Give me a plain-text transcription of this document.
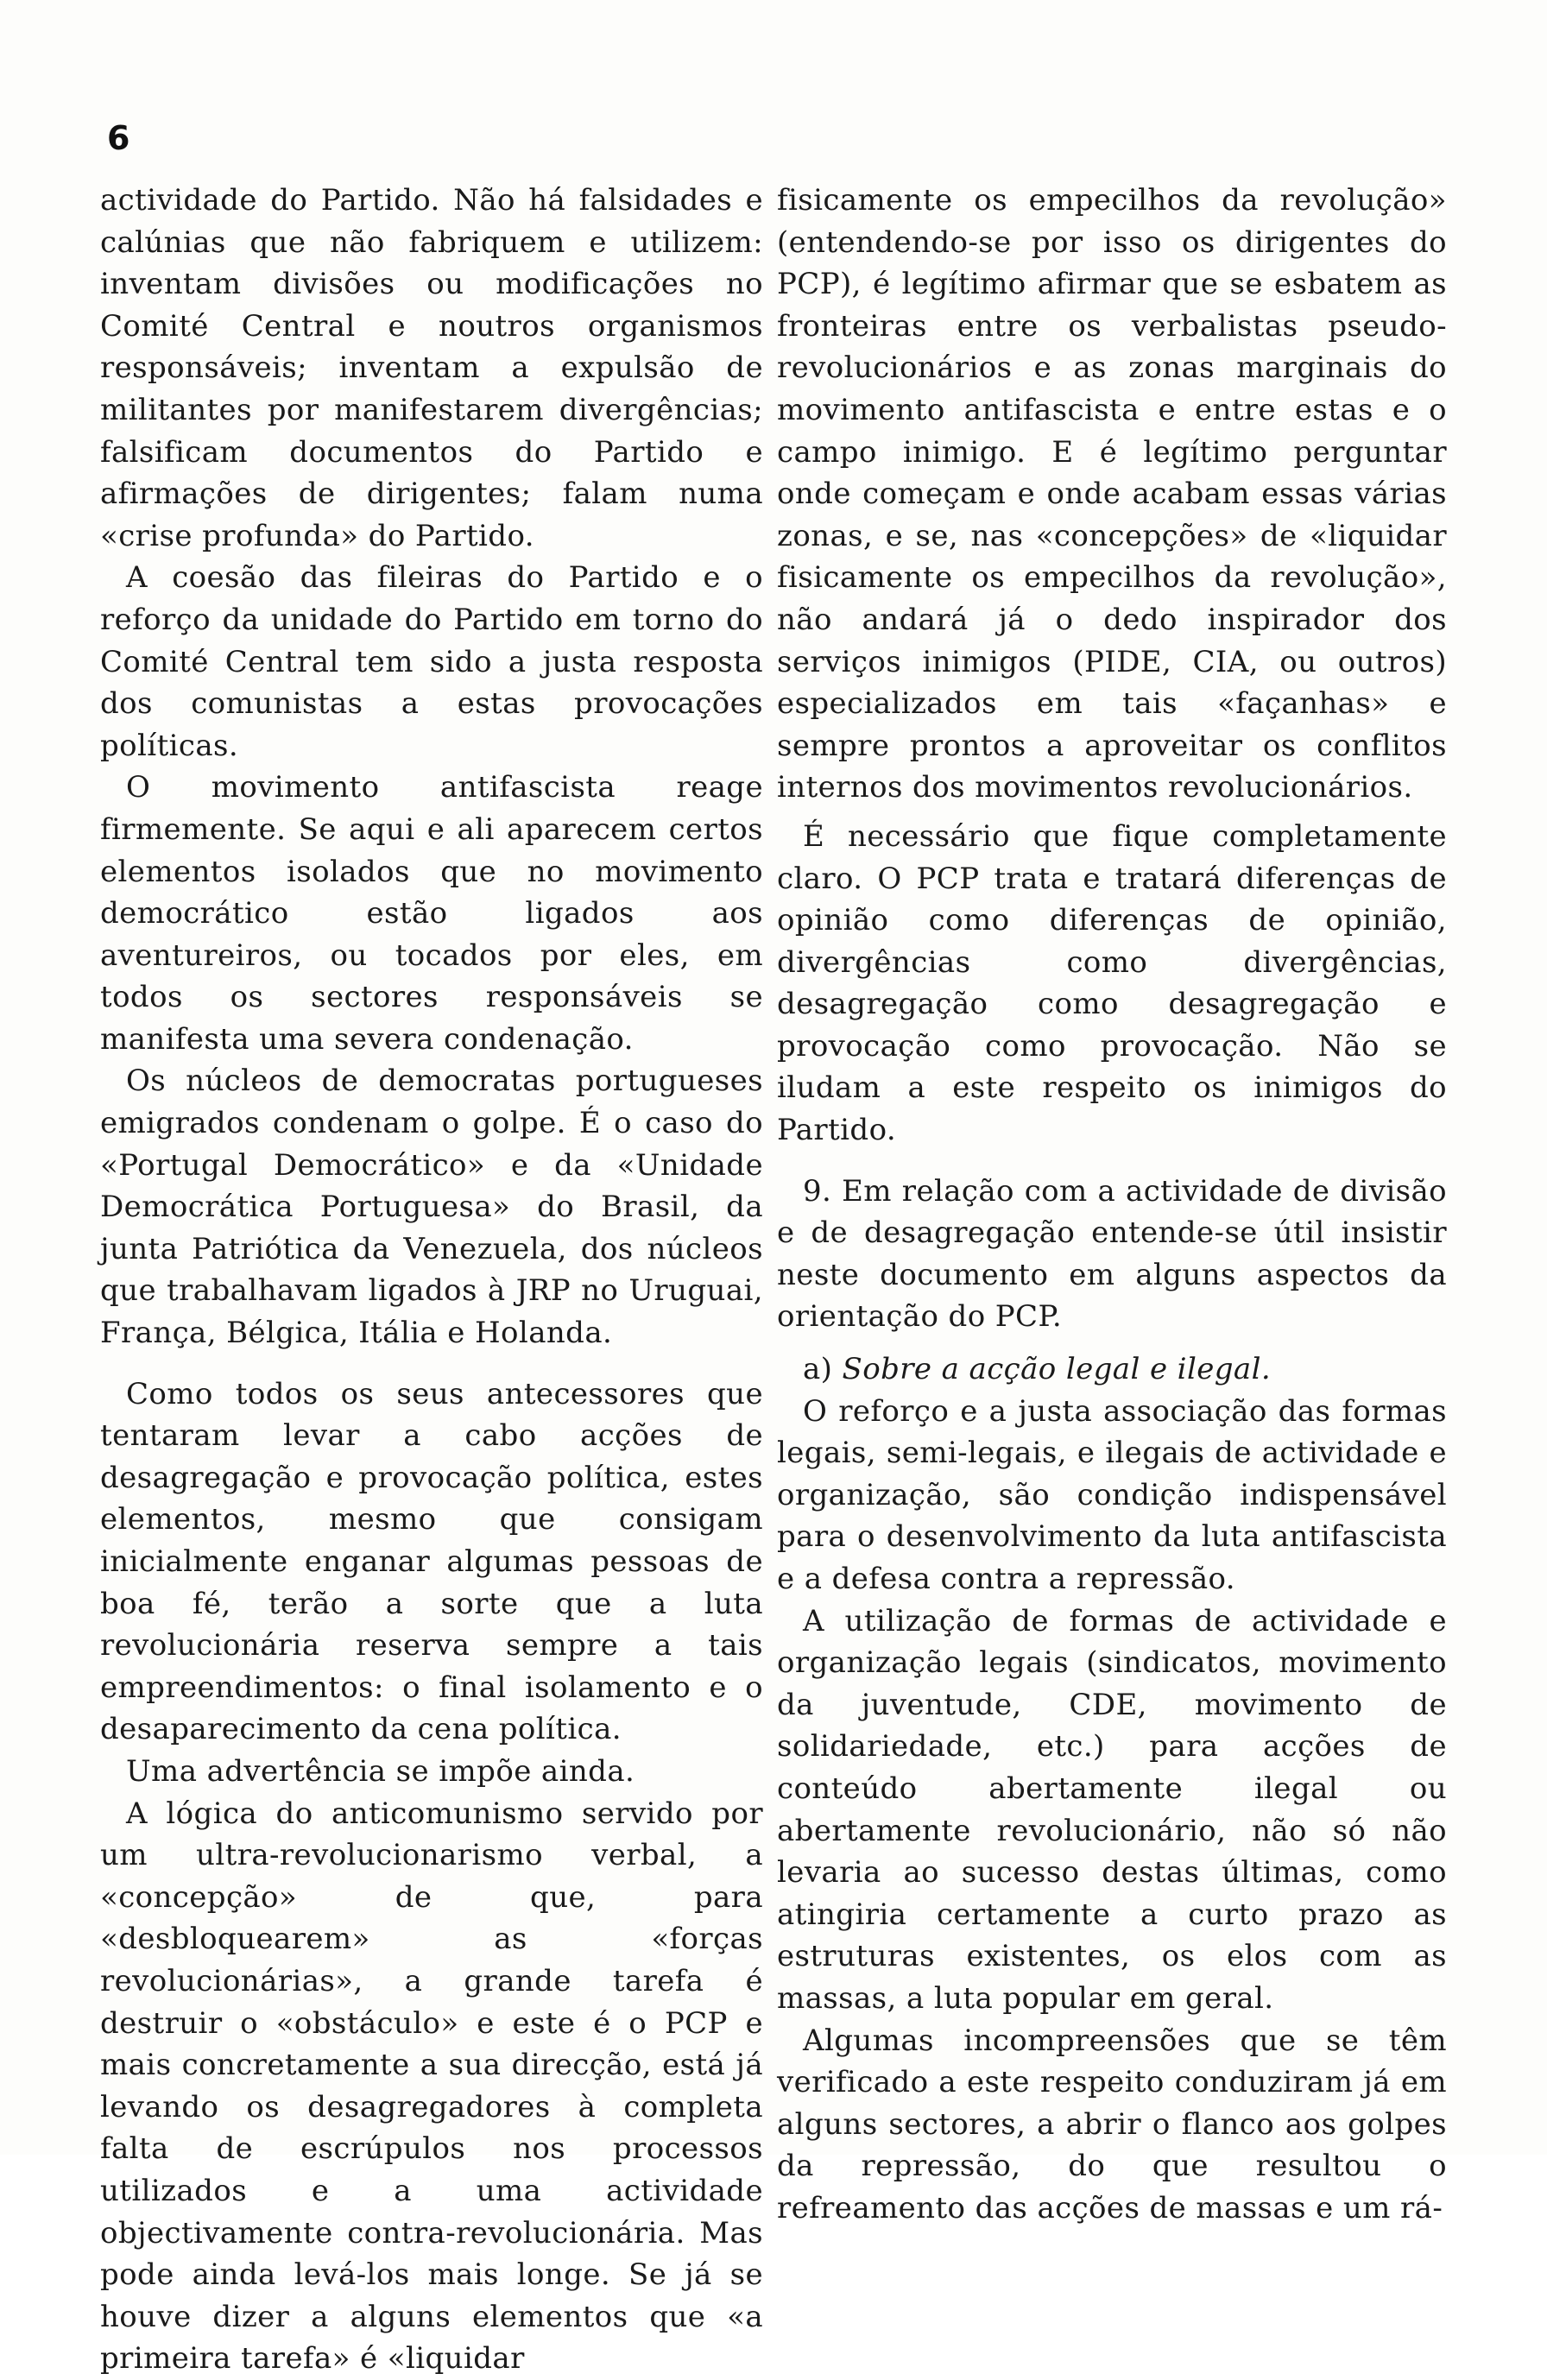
6

actividade do Partido. Não há falsidades e calúnias que não fabriquem e utilizem: inventam divisões ou modificações no Comité Central e noutros organismos responsáveis; inventam a expulsão de militantes por manifestarem divergências; falsificam documentos do Partido e afirmações de dirigentes; falam numa «crise profunda» do Partido.

A coesão das fileiras do Partido e o reforço da unidade do Partido em torno do Comité Central tem sido a justa resposta dos comunistas a estas provocações políticas.

O movimento antifascista reage firmemente. Se aqui e ali aparecem certos elementos isolados que no movimento democrático estão ligados aos aventureiros, ou tocados por eles, em todos os sectores responsáveis se manifesta uma severa condenação.

Os núcleos de democratas portugueses emigrados condenam o golpe. É o caso do «Portugal Democrático» e da «Unidade Democrática Portuguesa» do Brasil, da junta Patriótica da Venezuela, dos núcleos que trabalhavam ligados à JRP no Uruguai, França, Bélgica, Itália e Holanda.

Como todos os seus antecessores que tentaram levar a cabo acções de desagregação e provocação política, estes elementos, mesmo que consigam inicialmente enganar algumas pessoas de boa fé, terão a sorte que a luta revolucionária reserva sempre a tais empreendimentos: o final isolamento e o desaparecimento da cena política.

Uma advertência se impõe ainda.

A lógica do anticomunismo servido por um ultra-revolucionarismo verbal, a «concepção» de que, para «desbloquearem» as «forças revolucionárias», a grande tarefa é destruir o «obstáculo» e este é o PCP e mais concretamente a sua direcção, está já levando os desagregadores à completa falta de escrúpulos nos processos utilizados e a uma actividade objectivamente contra-revolucionária. Mas pode ainda levá-los mais longe. Se já se houve dizer a alguns elementos que «a primeira tarefa» é «liquidar

fisicamente os empecilhos da revolução» (entendendo-se por isso os dirigentes do PCP), é legítimo afirmar que se esbatem as fronteiras entre os verbalistas pseudo-revolucionários e as zonas marginais do movimento antifascista e entre estas e o campo inimigo. E é legítimo perguntar onde começam e onde acabam essas várias zonas, e se, nas «concepções» de «liquidar fisicamente os empecilhos da revolução», não andará já o dedo inspirador dos serviços inimigos (PIDE, CIA, ou outros) especializados em tais «façanhas» e sempre prontos a aproveitar os conflitos internos dos movimentos revolucionários.

É necessário que fique completamente claro. O PCP trata e tratará diferenças de opinião como diferenças de opinião, divergências como divergências, desagregação como desagregação e provocação como provocação. Não se iludam a este respeito os inimigos do Partido.

9. Em relação com a actividade de divisão e de desagregação entende-se útil insistir neste documento em alguns aspectos da orientação do PCP.

a) Sobre a acção legal e ilegal.

O reforço e a justa associação das formas legais, semi-legais, e ilegais de actividade e organização, são condição indispensável para o desenvolvimento da luta antifascista e a defesa contra a repressão.

A utilização de formas de actividade e organização legais (sindicatos, movimento da juventude, CDE, movimento de solidariedade, etc.) para acções de conteúdo abertamente ilegal ou abertamente revolucionário, não só não levaria ao sucesso destas últimas, como atingiria certamente a curto prazo as estruturas existentes, os elos com as massas, a luta popular em geral.

Algumas incompreensões que se têm verificado a este respeito conduziram já em alguns sectores, a abrir o flanco aos golpes da repressão, do que resultou o refreamento das acções de massas e um rá-
